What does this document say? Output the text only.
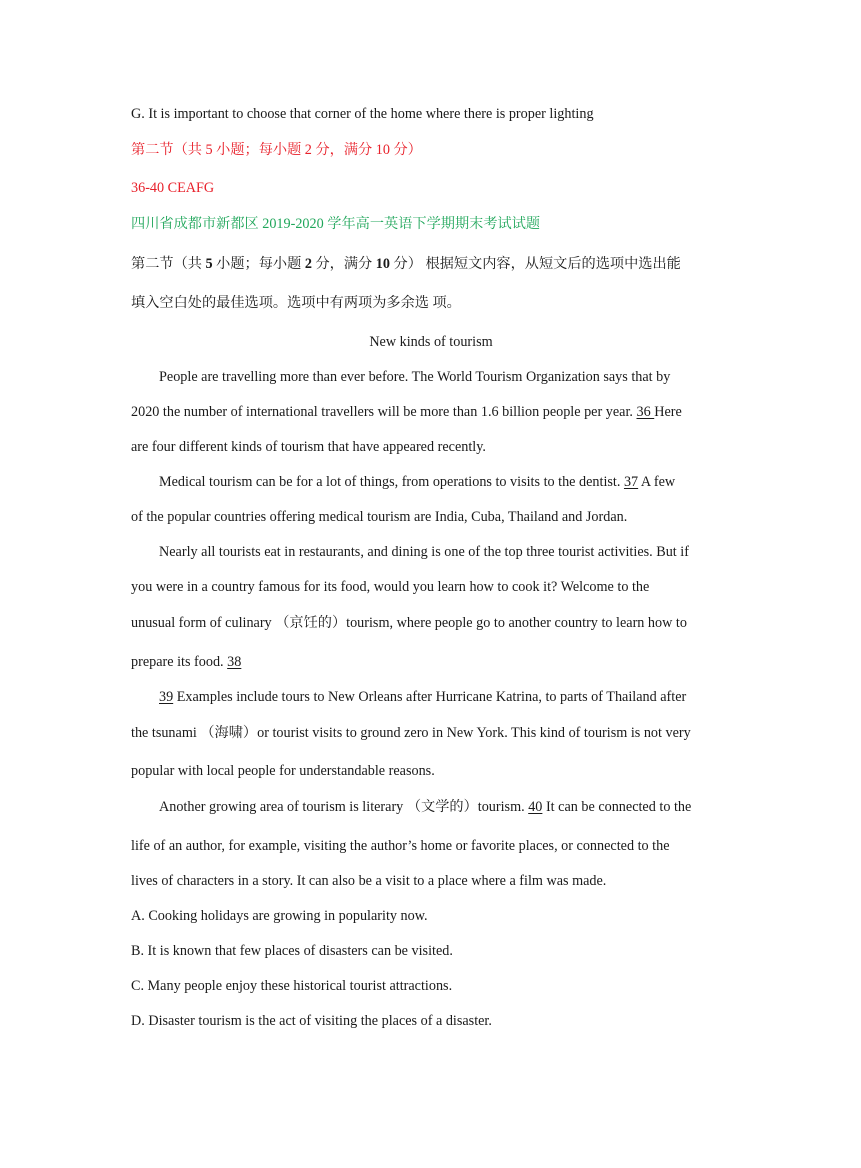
G. It is important to choose that corner of the home where there is proper lighting
第二节（共 5 小题；每小题 2 分，满分 10 分）
36-40 CEAFG
四川省成都市新都区 2019-2020 学年高一英语下学期期末考试试题
第二节（共 5 小题；每小题 2 分，满分 10 分） 根据短文内容，从短文后的选项中选出能
填入空白处的最佳选项。选项中有两项为多余选 项。
New kinds of tourism
People are travelling more than ever before. The World Tourism Organization says that by
2020 the number of international travellers will be more than 1.6 billion people per year. 36 Here
are four different kinds of tourism that have appeared recently.
Medical tourism can be for a lot of things, from operations to visits to the dentist. 37 A few
of the popular countries offering medical tourism are India, Cuba, Thailand and Jordan.
Nearly all tourists eat in restaurants, and dining is one of the top three tourist activities. But if
you were in a country famous for its food, would you learn how to cook it? Welcome to the
unusual form of culinary （京饪的）tourism, where people go to another country to learn how to
prepare its food. 38
39 Examples include tours to New Orleans after Hurricane Katrina, to parts of Thailand after
the tsunami （海啸）or tourist visits to ground zero in New York. This kind of tourism is not very
popular with local people for understandable reasons.
Another growing area of tourism is literary （文学的）tourism. 40 It can be connected to the
life of an author, for example, visiting the author’s home or favorite places, or connected to the
lives of characters in a story. It can also be a visit to a place where a film was made.
A. Cooking holidays are growing in popularity now.
B. It is known that few places of disasters can be visited.
C. Many people enjoy these historical tourist attractions.
D. Disaster tourism is the act of visiting the places of a disaster.
